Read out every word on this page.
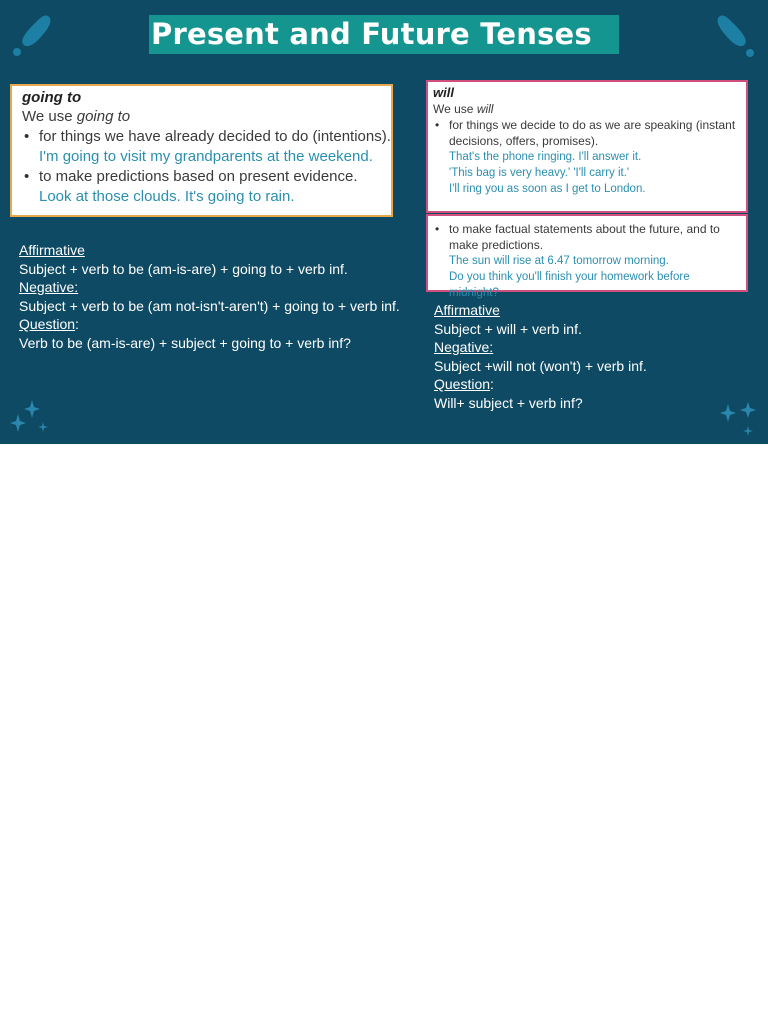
Present and Future Tenses
going to
We use going to
• for things we have already decided to do (intentions).
I'm going to visit my grandparents at the weekend.
• to make predictions based on present evidence.
Look at those clouds. It's going to rain.
will
We use will
• for things we decide to do as we are speaking (instant decisions, offers, promises).
That's the phone ringing. I'll answer it.
'This bag is very heavy.' 'I'll carry it.'
I'll ring you as soon as I get to London.
• to make factual statements about the future, and to make predictions.
The sun will rise at 6.47 tomorrow morning.
Do you think you'll finish your homework before midnight?
Affirmative
Subject + verb to be (am-is-are) + going to + verb inf.
Negative:
Subject + verb to be (am not-isn't-aren't) + going to + verb inf.
Question:
Verb to be (am-is-are) + subject + going to + verb inf?
Affirmative
Subject + will + verb inf.
Negative:
Subject +will not (won't) + verb inf.
Question:
Will+ subject + verb inf?
